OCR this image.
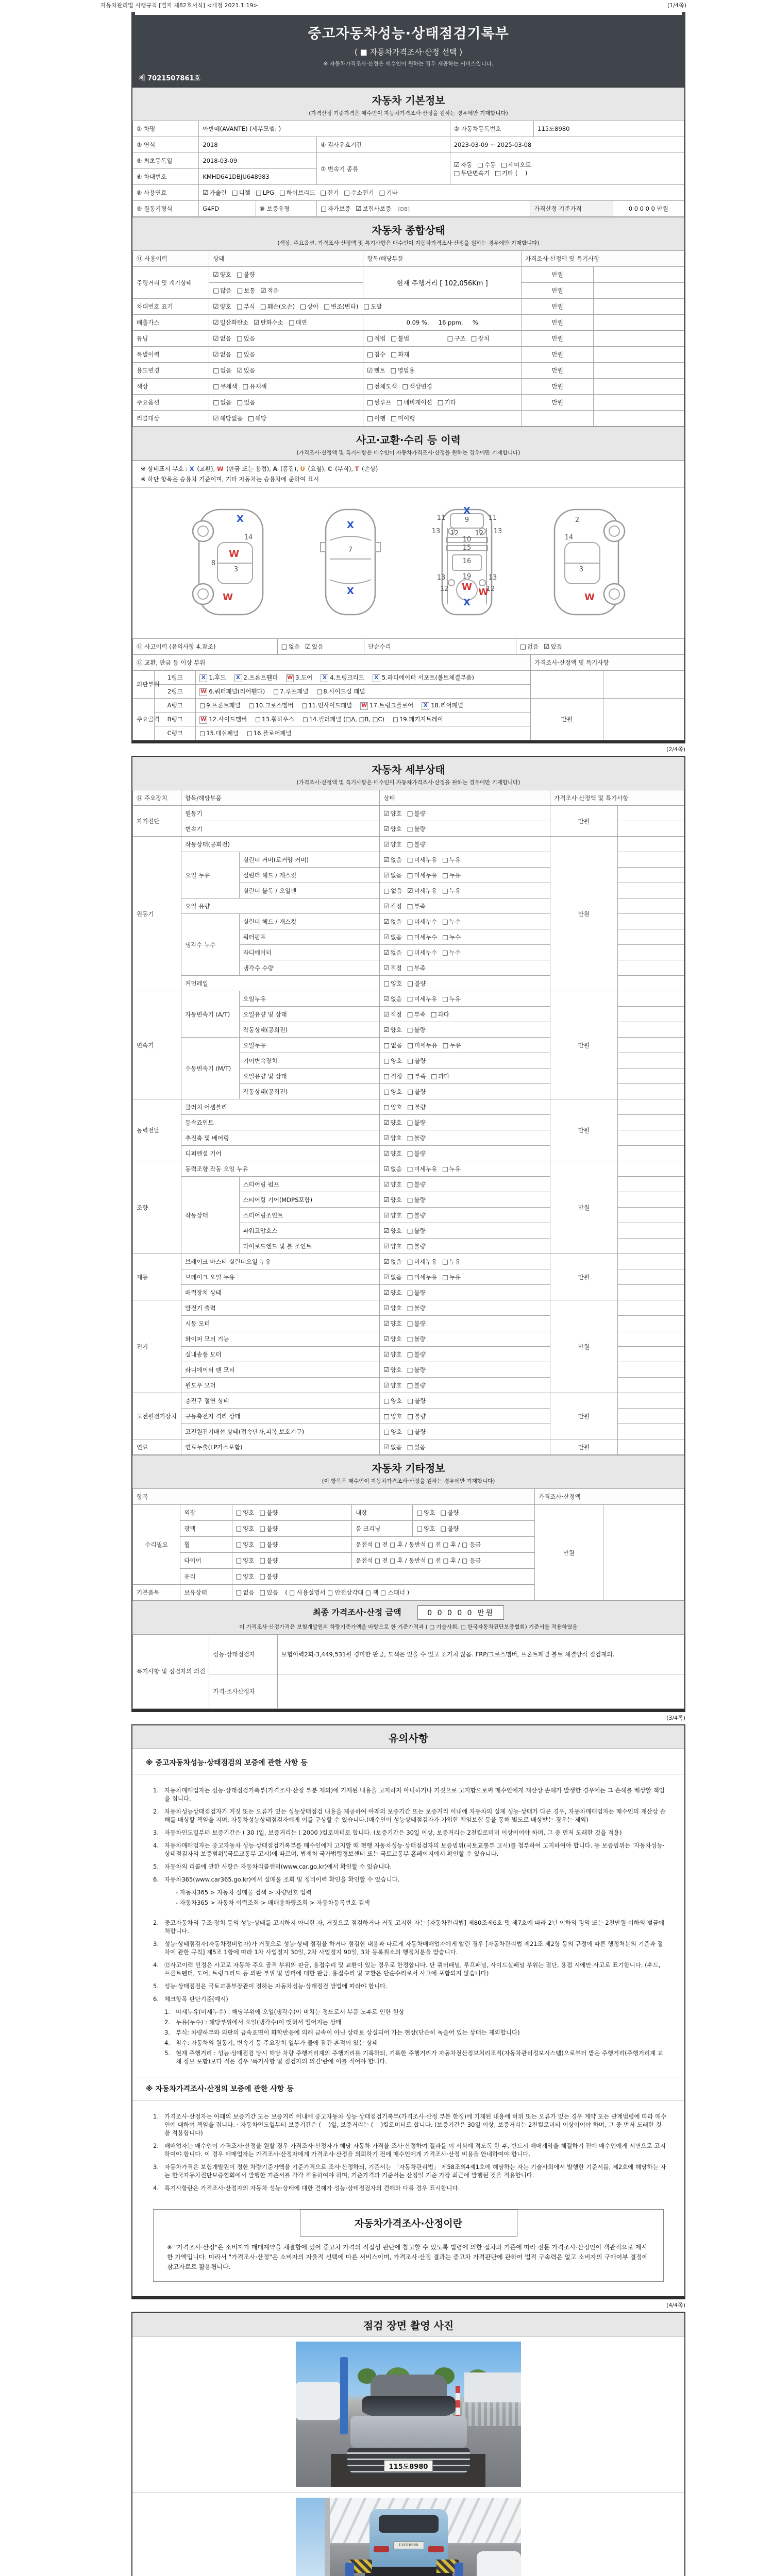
자동차관리법 시행규칙 [별지 제82호서식] <개정 2021.1.19>	(1/4쪽)
중고자동차성능·상태점검기록부
( ■ 자동차가격조사·산정 선택 )
※ 자동차가격조사·산정은 매수인이 원하는 경우 제공하는 서비스입니다.
제 7021507861호
자동차 기본정보
(가격산정 기준가격은 매수인이 자동차가격조사·산정을 원하는 경우에만 기재합니다)
① 차명	아반떼(AVANTE) (세부모델: )		② 자동차등록번호	115도8980
③ 연식	2018	④ 검사유효기간	2023-03-09 ~ 2025-03-08	
⑤ 최초등록일	2018-03-09	⑦ 변속기 종류	☑ 자동 □ 수동 □ 세미오토
□ 무단변속기 □ 기타 (    )	

⑥ 차대번호	KMHD641DBJU648983			
⑧ 사용연료	☑ 가솔린 □ 디젤 □ LPG □ 하이브리드 □ 전기 □ 수소전기 □ 기타			
⑨ 원동기형식	G4FD	⑩ 보증유형	□ 자가보증 ☑ 보험사보증 [DB]	가격산정 기준가격	0 0 0 0 0 만원
자동차 종합상태
(색상, 주요옵션, 가격조사·산정액 및 특기사항은 매수인이 자동차가격조사·산정을 원하는 경우에만 기재합니다)
⑪ 사용이력	상태	항목/해당부품	가격조사·산정액 및 특기사항	
주행거리 및 계기상태	☑ 양호 □ 불량	현재 주행거리 [ 102,056Km ]	만원	
	□ 많음 □ 보통 ☑ 적음		만원	
차대번호 표기	☑ 양호 □ 부식 □ 훼손(오손) □ 상이 □ 변조(변타) □ 도말		만원	
배출가스	☑ 일산화탄소 ☑ 탄화수소 □ 매연	0.09 %,     16 ppm,     %	만원	
튜닝	☑ 없음 □ 있음	□ 적법 □ 불법 □ 구조 □ 장치	만원	
특별이력	☑ 없음 □ 있음	□ 침수 □ 화재	만원	
용도변경	□ 없음 ☑ 있음	☑ 렌트 □ 영업용	만원	
색상	□ 무채색 □ 유채색	□ 전체도색 □ 색상변경	만원	
주요옵션	□ 없음 □ 있음	□ 썬루프 □ 네비게이션 □ 기타	만원	
리콜대상	☑ 해당없음 □ 해당	□ 이행 □ 미이행		
사고·교환·수리 등 이력
(가격조사·산정액 및 특기사항은 매수인이 자동차가격조사·산정을 원하는 경우에만 기재합니다)
※ 상태표시 부호 : X (교환), W (판금 또는 용접), A (흠집), U (요철), C (부식), T (손상)
※ 하단 항목은 승용차 기준이며, 기타 자동차는 승용차에 준하여 표시
X
14
W
8
3
W
X
7
X
X
11	9	11
13	12	12	13
10
15
16
13	19	13
12	W W
12
X
2
14
3
W
⑫ 사고이력 (유의사항 4.참조)	□ 없음 ☑ 있음	단순수리	□ 없음 ☑ 있음
⑬ 교환, 판금 등 이상 부위			가격조사·산정액 및 특기사항	
외판부위	1랭크	X 1.후드 X 2.프론트휀더 W 3.도어 X 4.트렁크리드 X 5.라디에이터 서포트(볼트체결부품)		
	2랭크	W 6.쿼터패널(리어휀다) □ 7.루프패널 □ 8.사이드실 패널		
주요골격	A랭크	□ 9.프론트패널 □ 10.크로스멤버 □ 11.인사이드패널 W 17.트렁크플로어 X 18.리어패널	만원	
	B랭크	W 12.사이드멤버 □ 13.휠하우스 □ 14.필러패널 (□A, □B, □C) □ 19.패키지트레이		
	C랭크	□ 15.대쉬패널 □ 16.플로어패널		
(2/4쪽)
자동차 세부상태
(가격조사·산정액 및 특기사항은 매수인이 자동차가격조사·산정을 원하는 경우에만 기재합니다)
⑭ 주요장치	항목/해당부품		상태	가격조사·산정액 및 특기사항	
자기진단	원동기		☑ 양호 □ 불량	만원	
	변속기		☑ 양호 □ 불량		
원동기	작동상태(공회전)		☑ 양호 □ 불량	만원	
	오일 누유	실린더 커버(로커암 커버)	☑ 없음 □ 미세누유 □ 누유		
		실린더 헤드 / 개스킷	☑ 없음 □ 미세누유 □ 누유		
		실린더 블록 / 오일팬	□ 없음 ☑ 미세누유 □ 누유		
	오일 유량		☑ 적정 □ 부족		
	냉각수 누수	실린더 헤드 / 개스킷	☑ 없음 □ 미세누수 □ 누수		
		워터펌프	☑ 없음 □ 미세누수 □ 누수		
		라디에이터	☑ 없음 □ 미세누수 □ 누수		
		냉각수 수량	☑ 적정 □ 부족		
	커먼레일		□ 양호 □ 불량		
변속기	자동변속기 (A/T)	오일누유	☑ 없음 □ 미세누유 □ 누유	만원	
		오일유량 및 상태	☑ 적정 □ 부족 □ 과다		
		작동상태(공회전)	☑ 양호 □ 불량		
	수동변속기 (M/T)	오일누유	□ 없음 □ 미세누유 □ 누유		
		기어변속장치	□ 양호 □ 불량		
		오일유량 및 상태	□ 적정 □ 부족 □ 과다		
		작동상태(공회전)	□ 양호 □ 불량		
동력전달	클러치 어셈블리		□ 양호 □ 불량	만원	
	등속죠인트		☑ 양호 □ 불량		
	추진축 및 베어링		☑ 양호 □ 불량		
	디퍼렌셜 기어		☑ 양호 □ 불량		
조향	동력조향 작동 오일 누유		☑ 없음 □ 미세누유 □ 누유	만원	
	작동상태	스티어링 펌프	☑ 양호 □ 불량		
		스티어링 기어(MDPS포함)	☑ 양호 □ 불량		
		스티어링조인트	☑ 양호 □ 불량		
		파워고압호스	☑ 양호 □ 불량		
		타이로드엔드 및 볼 조인트	☑ 양호 □ 불량		
제동	브레이크 마스터 실린더오일 누유		☑ 없음 □ 미세누유 □ 누유	만원	
	브레이크 오일 누유		☑ 없음 □ 미세누유 □ 누유		
	배력장치 상태		☑ 양호 □ 불량		
전기	발전기 출력		☑ 양호 □ 불량	만원	
	시동 모터		☑ 양호 □ 불량		
	와이퍼 모터 기능		☑ 양호 □ 불량		
	실내송풍 모터		☑ 양호 □ 불량		
	라디에이터 팬 모터		☑ 양호 □ 불량		
	윈도우 모터		☑ 양호 □ 불량		
고전원전기장치	충전구 절연 상태		□ 양호 □ 불량	만원	
	구동축전지 격리 상태		□ 양호 □ 불량		
	고전원전기배선 상태(접속단자,피복,보호기구)		□ 양호 □ 불량		
연료	연료누출(LP가스포함)		☑ 없음 □ 있음	만원	
자동차 기타정보
(이 항목은 매수인이 자동차가격조사·산정을 원하는 경우에만 기재합니다)
항목					가격조사·산정액	
수리필요	외장	□ 양호 □ 불량	내장	□ 양호 □ 불량	만원	
	광택	□ 양호 □ 불량	룸 크리닝	□ 양호 □ 불량		
	휠	□ 양호 □ 불량	운전석 □ 전 □ 후 / 동반석 □ 전 □ 후 / □ 응급			
	타이어	□ 양호 □ 불량	운전석 □ 전 □ 후 / 동반석 □ 전 □ 후 / □ 응급			
	유리	□ 양호 □ 불량				
기본품목	보유상태	□ 없음 □ 있음 ( □ 사용설명서 □ 안전삼각대 □ 잭 □ 스패너 )				
최종 가격조사·산정 금액	0 0 0 0 0 만원
이 가격조사·산정가격은 보험개발원의 차량기준가액을 바탕으로 한 기준가격과 ( □ 기술사회, □ 한국자동차진단보증협회) 기준서를 적용하였음
특기사항 및 점검자의 의견	성능·상태점검자	보험이력2회-3,449,531원 경미한 판금, 도색은 있을 수 있고 표기치 않음. FRP/크로스멤버, 프론트패널 볼트 체결방식 점검제외.
	가격·조사산정자	
(3/4쪽)
유의사항
※ 중고자동차성능·상태점검의 보증에 관한 사항 등
1. 자동차매매업자는 성능·상태점검기록부(가격조사·산정 부분 제외)에 기재된 내용을 고지하지 아니하거나 거짓으로 고지함으로써 매수인에게 재산상 손해가 발생한 경우에는 그 손해를 배상할 책임을 집니다.
2. 자동차성능상태점검자가 거짓 또는 오류가 있는 성능상태점검 내용을 제공하여 아래의 보증기간 또는 보증거리 이내에 자동차의 실제 성능·상태가 다른 경우, 자동차매매업자는 매수인의 재산상 손해를 배상할 책임을 지며, 자동차성능상태점검자에게 이를 구상할 수 있습니다.(매수인이 성능상태점검자가 가입한 책임보험 등을 통해 별도로 배상받는 경우는 제외)
3. 자동차인도일부터 보증기간은 ( 30 )일, 보증거리는 ( 2000 )킬로미터로 합니다. (보증기간은 30일 이상, 보증거리는 2천킬로미터 이상이어야 하며, 그 중 먼저 도래한 것을 적용)
4. 자동차매매업자는 중고자동차 성능·상태점검기록부를 매수인에게 고지할 때 현행 자동차성능·상태점검자의 보증범위(국토교통부 고시)를 첨부하여 고지하여야 합니다. 동 보증범위는 '자동차성능·상태점검자의 보증범위'(국토교통부 고시)에 따르며, 법제처 국가법령정보센터 또는 국토교통부 홈페이지에서 확인할 수 있습니다.
5. 자동차의 리콜에 관한 사항은 자동차리콜센터(www.car.go.kr)에서 확인할 수 있습니다.
6. 자동차365(www.car365.go.kr)에서 실매물 조회 및 정비이력 확인을 확인할 수 있습니다.
- 자동차365 > 자동차 실매물 검색 > 차량번호 입력
- 자동차365 > 자동차 이력조회 > 매매용차량조회 > 자동차등록번호 검색
2. 중고자동차의 구조·장치 등의 성능·상태를 고지하지 아니한 자, 거짓으로 점검하거나 거짓 고지한 자는 [자동차관리법] 제80조제6호 및 제7호에 따라 2년 이하의 징역 또는 2천만원 이하의 벌금에 처합니다.
3. 성능·상태점검자(자동차정비업자)가 거짓으로 성능·상태 점검을 하거나 점검한 내용과 다르게 자동차매매업자에게 알린 경우 [자동차관리법 제21조 제2항 등의 규정에 따른 행정처분의 기준과 절차에 관한 규칙] 제5조 1항에 따라 1차 사업정지 30일, 2차 사업정지 90일, 3차 등록취소의 행정처분을 받습니다.
4. ⑫사고이력 인정은 사고로 자동차 주요 골격 부위의 판금, 용접수리 및 교환이 있는 경우로 한정합니다. 단 쿼터패널, 루프패널, 사이드실패널 부위는 절단, 용접 시에만 사고로 표기합니다. (후드, 프론트펜더, 도어, 트렁크리드 등 외판 부위 및 범퍼에 대한 판금, 용접수리 및 교환은 단순수리로서 사고에 포함되지 않습니다)
5. 성능·상태점검은 국토교통부장관이 정하는 자동차성능·상태점검 방법에 따라야 합니다.
6. 체크항목 판단기준(예시)
1. 미세누유(미세누수) : 해당부위에 오일(냉각수)이 비치는 정도로서 부품 노후로 인한 현상
2. 누유(누수) : 해당부위에서 오일(냉각수)이 맺혀서 떨어지는 상태
3. 부식: 차량하부와 외판의 금속표면이 화학반응에 의해 금속이 아닌 상태로 상실되어 가는 현상(단순히 녹슬어 있는 상태는 제외합니다)
4. 침수: 자동차의 원동기, 변속기 등 주요장치 일부가 물에 잠긴 흔적이 있는 상태
5. 현재 주행거리 : 성능·상태점검 당시 해당 차량 주행거리계의 주행거리를 기록하되, 기록한 주행거리가 자동차전산정보처리조직(자동차관리정보시스템)으로부터 받은 주행거리(주행거리계 교체 정보 포함)보다 적은 경우 '특기사항 및 점검자의 의견'란에 이를 적어야 합니다.
※ 자동차가격조사·산정의 보증에 관한 사항 등
1. 가격조사·산정자는 아래의 보증기간 또는 보증거리 이내에 중고자동차 성능·상태점검기록부(가격조사·산정 부분 한정)에 기재된 내용에 허위 또는 오류가 있는 경우 계약 또는 관계법령에 따라 매수인에 대하여 책임을 집니다. · 자동차인도일부터 보증기간은 (    )일, 보증거리는 (    )킬로미터로 합니다. (보증기간은 30일 이상, 보증거리는 2천킬로미터 이상이어야 하며, 그 중 먼저 도래한 것을 적용합니다)
2. 매매업자는 매수인이 가격조사·산정을 원할 경우 가격조사·산정자가 해당 자동차 가격을 조사·산정하여 결과를 이 서식에 적도록 한 후, 반드시 매매계약을 체결하기 전에 매수인에게 서면으로 고지하여야 합니다. 이 경우 매매업자는 가격조사·산정자에게 가격조사·산정을 의뢰하기 전에 매수인에게 가격조사·산정 비용을 안내하여야 합니다.
3. 자동차가격은 보험개발원이 정한 차량기준가액을 기준가격으로 조사·산정하되, 기준서는 「자동차관리법」 제58조의4제1호에 해당하는 자는 기술사회에서 발행한 기준서를, 제2호에 해당하는 자는 한국자동차진단보증협회에서 발행한 기준서를 각각 적용하여야 하며, 기준가격과 기준서는 산정일 기준 가장 최근에 발행된 것을 적용합니다.
4. 특기사항란은 가격조사·산정자의 자동차 성능·상태에 대한 견해가 성능·상태점검자의 견해와 다를 경우 표시합니다.
자동차가격조사·산정이란
※ "가격조사·산정"은 소비자가 매매계약을 체결함에 있어 중고차 가격의 적절성 판단에 참고할 수 있도록 법령에 의한 절차와 기준에 따라 전문 가격조사·산정인이 객관적으로 제시한 가액입니다. 따라서 "가격조사·산정"은 소비자의 자율적 선택에 따른 서비스이며, 가격조사·산정 결과는 중고차 가격판단에 관하여 법적 구속력은 없고 소비자의 구매여부 결정에 참고자료로 활용됩니다.
(4/4쪽)
점검 장면 촬영 사진
115도8980
115도8980
